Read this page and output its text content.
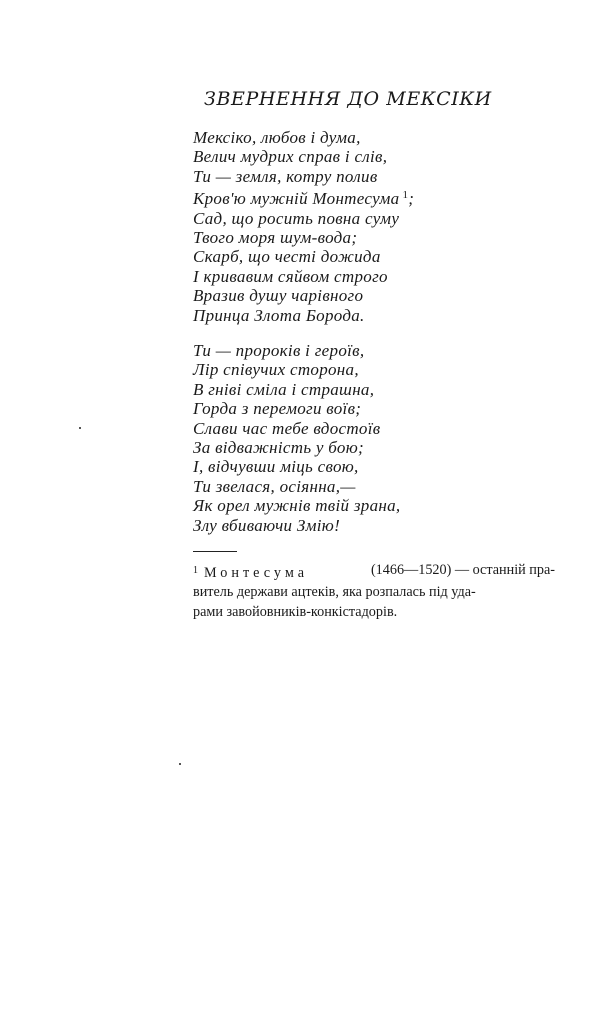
ЗВЕРНЕННЯ ДО МЕКСІКИ
Мексіко, любов і дума,
Велич мудрих справ і слів,
Ти — земля, котру полив
Кров'ю мужній Монтесума $^1$;
Сад, що росить повна суму
Твого моря шум-вода;
Скарб, що честі дожида
І кривавим сяйвом строго
Вразив душу чарівного
Принца Злота Борода.
Ти — пророків і героїв,
Лір співучих сторона,
В гніві сміла і страшна,
Горда з перемоги воїв;
Слави час тебе вдостоїв
За відважність у бою;
І, відчувши міць свою,
Ти звелася, осіянна,—
Як орел мужнів твій зрана,
Злу вбиваючи Змію!
$^1$ Монтесума	(1466—1520) — останній пра-
витель держави ацтеків, яка розпалась під уда-
рами завойовників-конкістадорів.
